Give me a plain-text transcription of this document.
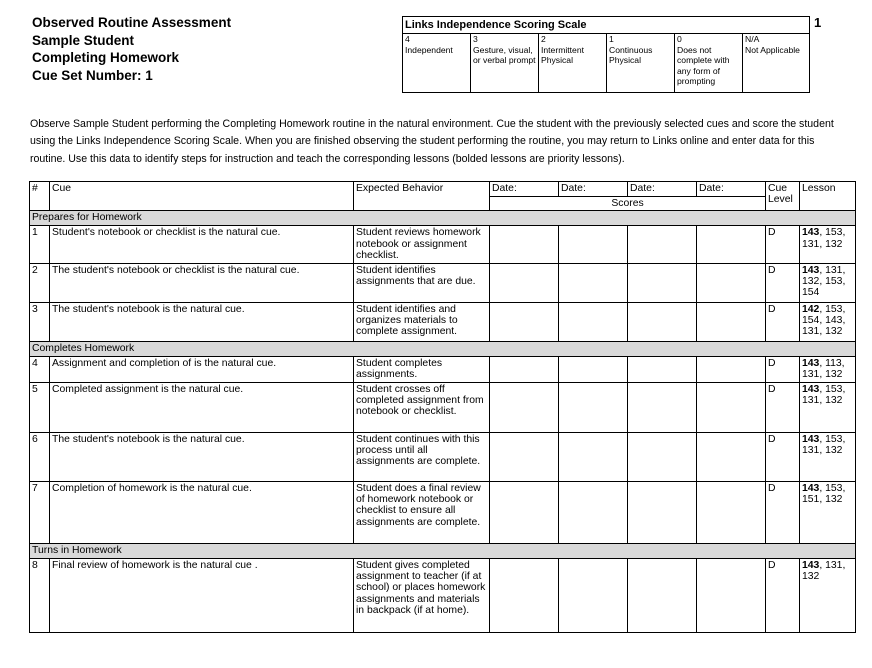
Observed Routine Assessment
Sample Student
Completing Homework
Cue Set Number: 1
1
Links Independence Scoring Scale

4
Independent

3
Gesture, visual, or verbal prompt

2
Intermittent Physical

1
Continuous Physical

0
Does not complete with any form of prompting

N/A
Not Applicable
Observe Sample Student performing the Completing Homework routine in the natural environment. Cue the student with the previously selected cues and score the student using the Links Independence Scoring Scale. When you are finished observing the student performing the routine, you may return to Links online and enter data for this routine. Use this data to identify steps for instruction and teach the corresponding lessons (bolded lessons are priority lessons).
#	Cue	Expected Behavior	Date:	Date:	Date:	Date:	Cue Level	Lesson
			Scores					
Prepares for Homework								
1	Student's notebook or checklist is the natural cue.	Student reviews homework notebook or assignment checklist.					D	143, 153, 131, 132
2	The student's notebook or checklist is the natural cue.	Student identifies assignments that are due.					D	143, 131, 132, 153, 154
3	The student's notebook is the natural cue.	Student identifies and organizes materials to complete assignment.					D	142, 153, 154, 143, 131, 132
Completes Homework								
4	Assignment and completion of is the natural cue.	Student completes assignments.					D	143, 113, 131, 132
5	Completed assignment is the natural cue.	Student crosses off completed assignment from notebook or checklist.					D	143, 153, 131, 132
6	The student's notebook is the natural cue.	Student continues with this process until all assignments are complete.					D	143, 153, 131, 132
7	Completion of homework is the natural cue.	Student does a final review of homework notebook or checklist to ensure all assignments are complete.					D	143, 153, 151, 132
Turns in Homework								
8	Final review of homework is the natural cue .	Student gives completed assignment to teacher (if at school) or places homework assignments and materials in backpack (if at home).					D	143, 131, 132
